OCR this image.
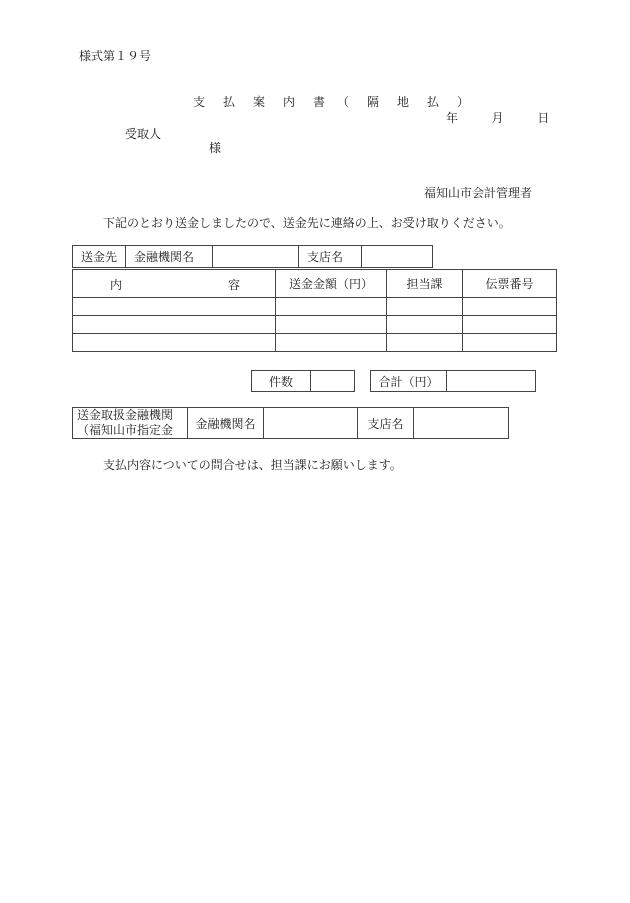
様式第１９号
支　払　案　内　書　（　隔　地　払　）
年	月	日
受取人
様
福知山市会計管理者
下記のとおり送金しましたので、送金先に連絡の上、お受け取りください。
送金先	金融機関名		支店名	
内 容	送金金額（円）	担当課	伝票番号

件数		合計（円）	
送金取扱金融機関
（福知山市指定金	金融機関名		支店名	
支払内容についての問合せは、担当課にお願いします。
